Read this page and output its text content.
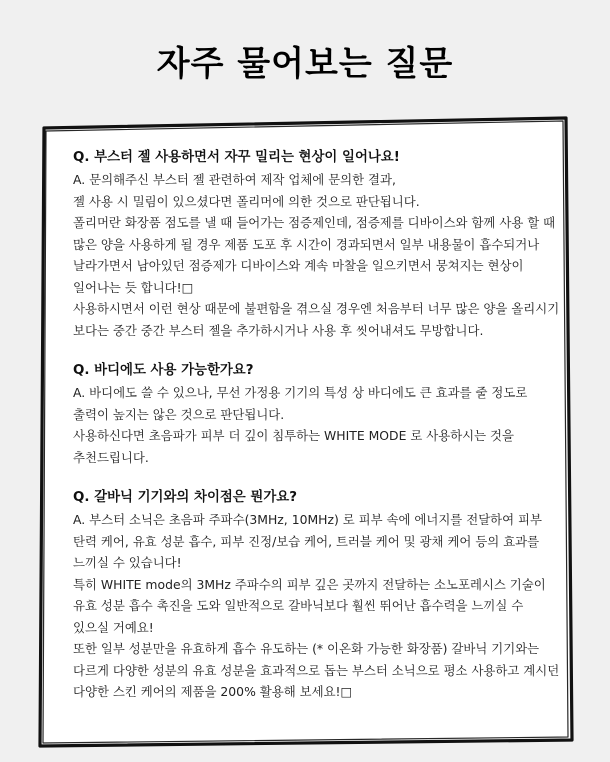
자주 물어보는 질문
Q. 부스터 젤 사용하면서 자꾸 밀리는 현상이 일어나요!
A. 문의해주신 부스터 젤 관련하여 제작 업체에 문의한 결과,
젤 사용 시 밀림이 있으셨다면 폴리머에 의한 것으로 판단됩니다.
폴리머란 화장품 점도를 낼 때 들어가는 점증제인데, 점증제를 디바이스와 함께 사용 할 때
많은 양을 사용하게 될 경우 제품 도포 후 시간이 경과되면서 일부 내용물이 흡수되거나
날라가면서 남아있던 점증제가 디바이스와 계속 마찰을 일으키면서 뭉쳐지는 현상이
일어나는 듯 합니다!□
사용하시면서 이런 현상 때문에 불편함을 겪으실 경우엔 처음부터 너무 많은 양을 올리시기
보다는 중간 중간 부스터 젤을 추가하시거나 사용 후 씻어내셔도 무방합니다.
Q. 바디에도 사용 가능한가요?
A. 바디에도 쓸 수 있으나, 무선 가정용 기기의 특성 상 바디에도 큰 효과를 줄 정도로
출력이 높지는 않은 것으로 판단됩니다.
사용하신다면 초음파가 피부 더 깊이 침투하는 WHITE MODE 로 사용하시는 것을
추천드립니다.
Q. 갈바닉 기기와의 차이점은 뭔가요?
A. 부스터 소닉은 초음파 주파수(3MHz, 10MHz) 로 피부 속에 에너지를 전달하여 피부
탄력 케어, 유효 성분 흡수, 피부 진정/보습 케어, 트러블 케어 및 광채 케어 등의 효과를
느끼실 수 있습니다!
특히 WHITE mode의 3MHz 주파수의 피부 깊은 곳까지 전달하는 소노포레시스 기술이
유효 성분 흡수 촉진을 도와 일반적으로 갈바닉보다 훨씬 뛰어난 흡수력을 느끼실 수
있으실 거예요!
또한 일부 성분만을 유효하게 흡수 유도하는 (* 이온화 가능한 화장품) 갈바닉 기기와는
다르게 다양한 성분의 유효 성분을 효과적으로 돕는 부스터 소닉으로 평소 사용하고 계시던
다양한 스킨 케어의 제품을 200% 활용해 보세요!□
